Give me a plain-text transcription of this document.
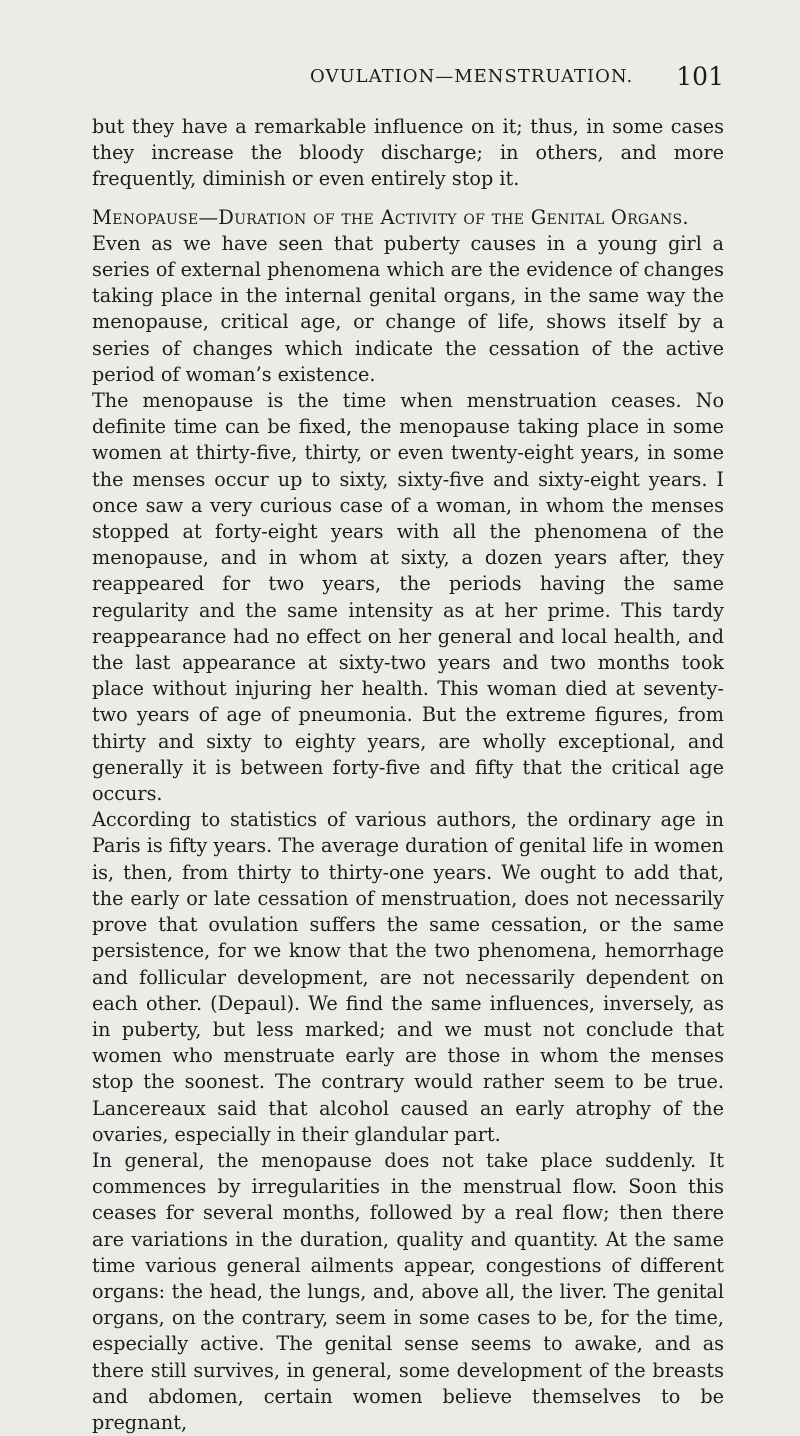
OVULATION—MENSTRUATION. 101

but they have a remarkable influence on it; thus, in some cases they increase the bloody discharge; in others, and more frequently, diminish or even entirely stop it.

Menopause—Duration of the Activity of the Genital Organs.

Even as we have seen that puberty causes in a young girl a series of external phenomena which are the evidence of changes taking place in the internal genital organs, in the same way the menopause, critical age, or change of life, shows itself by a series of changes which indicate the cessation of the active period of woman’s existence.

The menopause is the time when menstruation ceases. No definite time can be fixed, the menopause taking place in some women at thirty-five, thirty, or even twenty-eight years, in some the menses occur up to sixty, sixty-five and sixty-eight years. I once saw a very curious case of a woman, in whom the menses stopped at forty-eight years with all the phenomena of the menopause, and in whom at sixty, a dozen years after, they reappeared for two years, the periods having the same regularity and the same intensity as at her prime. This tardy reappearance had no effect on her general and local health, and the last appearance at sixty-two years and two months took place without injuring her health. This woman died at seventy-two years of age of pneumonia. But the extreme figures, from thirty and sixty to eighty years, are wholly exceptional, and generally it is between forty-five and fifty that the critical age occurs.

According to statistics of various authors, the ordinary age in Paris is fifty years. The average duration of genital life in women is, then, from thirty to thirty-one years. We ought to add that, the early or late cessation of menstruation, does not necessarily prove that ovulation suffers the same cessation, or the same persistence, for we know that the two phenomena, hemorrhage and follicular development, are not necessarily dependent on each other. (Depaul). We find the same influences, inversely, as in puberty, but less marked; and we must not conclude that women who menstruate early are those in whom the menses stop the soonest. The contrary would rather seem to be true. Lancereaux said that alcohol caused an early atrophy of the ovaries, especially in their glandular part.

In general, the menopause does not take place suddenly. It commences by irregularities in the menstrual flow. Soon this ceases for several months, followed by a real flow; then there are variations in the duration, quality and quantity. At the same time various general ailments appear, congestions of different organs: the head, the lungs, and, above all, the liver. The genital organs, on the contrary, seem in some cases to be, for the time, especially active. The genital sense seems to awake, and as there still survives, in general, some development of the breasts and abdomen, certain women believe themselves to be pregnant,
